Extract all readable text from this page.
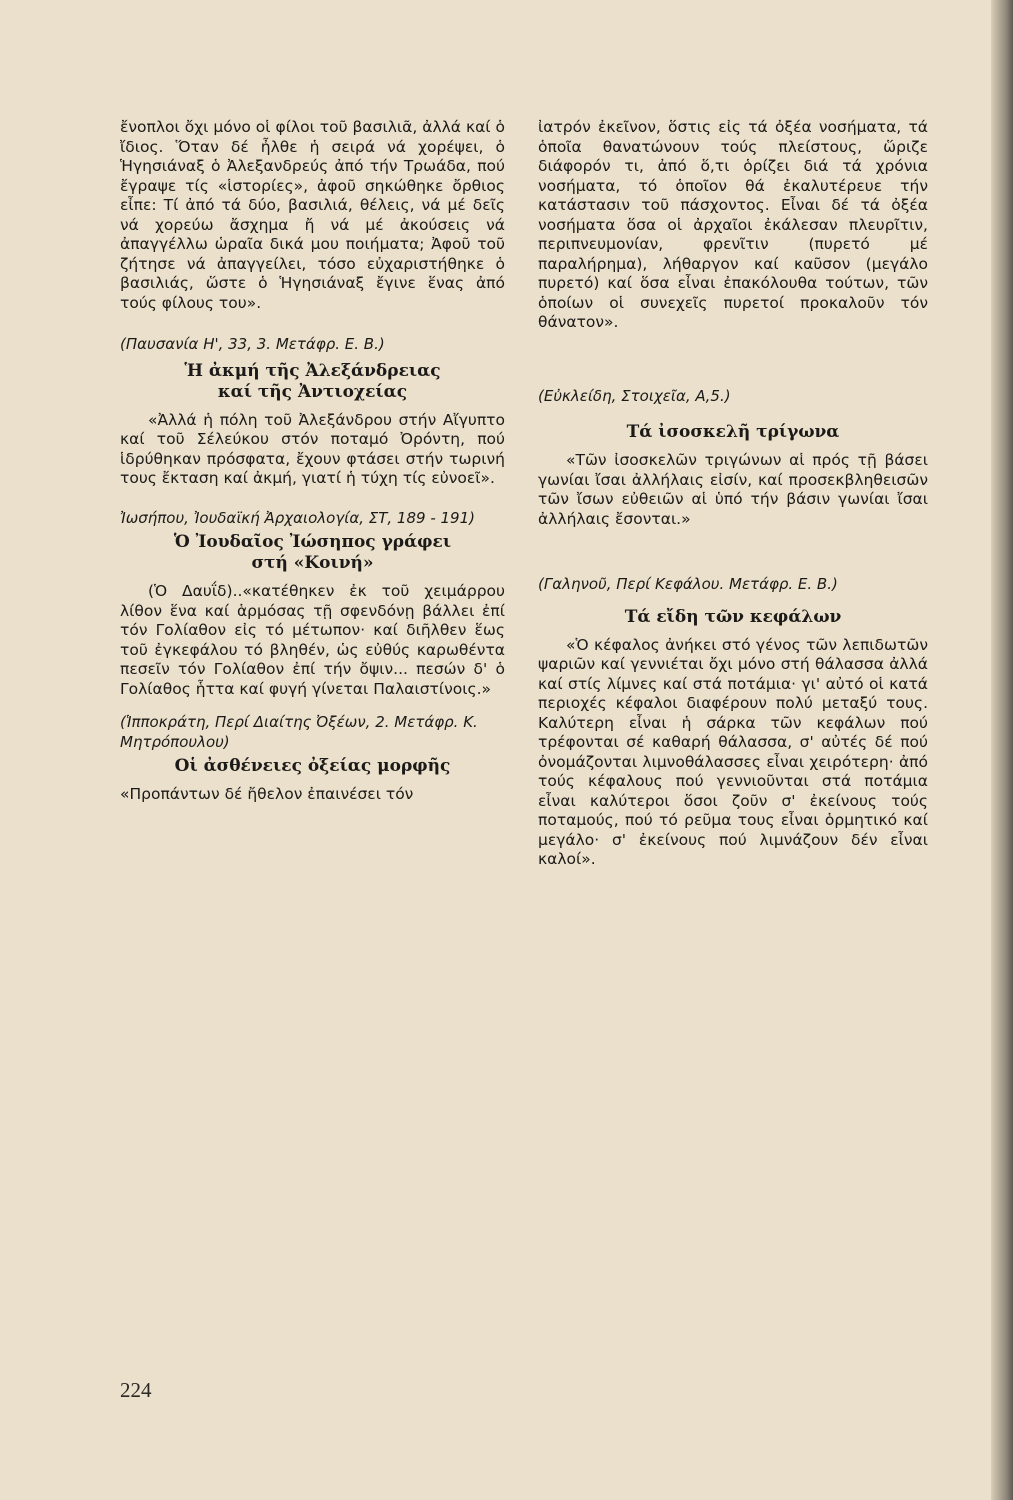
ἔνοπλοι ὄχι μόνο οἱ φίλοι τοῦ βασιλιᾶ, ἀλλά καί ὁ ἴδιος. Ὅταν δέ ἦλθε ἡ σειρά νά χορέψει, ὁ Ἡγησιάναξ ὁ Ἀλεξανδρεύς ἀπό τήν Τρωάδα, πού ἔγραψε τίς «ἱστορίες», ἀφοῦ σηκώθηκε ὄρθιος εἶπε: Τί ἀπό τά δύο, βασιλιά, θέλεις, νά μέ δεῖς νά χορεύω ἄσχημα ἤ νά μέ ἀκούσεις νά ἀπαγγέλλω ὡραῖα δικά μου ποιήματα; Ἀφοῦ τοῦ ζήτησε νά ἀπαγγείλει, τόσο εὐχαριστήθηκε ὁ βασιλιάς, ὥστε ὁ Ἡγησιάναξ ἔγινε ἕνας ἀπό τούς φίλους του».

(Παυσανία Η', 33, 3. Μετάφρ. Ε. Β.)
Ἡ ἀκμή τῆς Ἀλεξάνδρειας
καί τῆς Ἀντιοχείας

«Ἀλλά ἡ πόλη τοῦ Ἀλεξάνδρου στήν Αἴγυπτο καί τοῦ Σέλεύκου στόν ποταμό Ὀρόντη, πού ἱδρύθηκαν πρόσφατα, ἔχουν φτάσει στήν τωρινή τους ἔκταση καί ἀκμή, γιατί ἡ τύχη τίς εὐνοεῖ».

Ἰωσήπου, Ἰουδαϊκή Ἀρχαιολογία, ΣΤ, 189 - 191)
Ὁ Ἰουδαῖος Ἰώσηπος γράφει
στή «Κοινή»

(Ὁ Δαυΐδ)..«κατέθηκεν ἐκ τοῦ χειμάρρου λίθον ἕνα καί ἁρμόσας τῇ σφενδόνῃ βάλλει ἐπί τόν Γολίαθον εἰς τό μέτωπον· καί διῆλθεν ἕως τοῦ ἐγκεφάλου τό βληθέν, ὡς εὐθύς καρωθέντα πεσεῖν τόν Γολίαθον ἐπί τήν ὄψιν... πεσών δ' ὁ Γολίαθος ἧττα καί φυγή γίνεται Παλαιστίνοις.»

(Ἱπποκράτη, Περί Διαίτης Ὀξέων, 2. Μετάφρ. Κ. Μητρόπουλου)
Οἱ ἀσθένειες ὀξείας μορφῆς

«Προπάντων δέ ἤθελον ἐπαινέσει τόν

ἰατρόν ἐκεῖνον, ὅστις εἰς τά ὀξέα νοσήματα, τά ὁποῖα θανατώνουν τούς πλείστους, ὥριζε διάφορόν τι, ἀπό ὅ,τι ὁρίζει διά τά χρόνια νοσήματα, τό ὁποῖον θά ἐκαλυτέρευε τήν κατάστασιν τοῦ πάσχοντος. Εἶναι δέ τά ὀξέα νοσήματα ὅσα οἱ ἀρχαῖοι ἐκάλεσαν πλευρῖτιν, περιπνευμονίαν, φρενῖτιν (πυρετό μέ παραλήρημα), λήθαργον καί καῦσον (μεγάλο πυρετό) καί ὅσα εἶναι ἐπακόλουθα τούτων, τῶν ὁποίων οἱ συνεχεῖς πυρετοί προκαλοῦν τόν θάνατον».

(Εὐκλείδη, Στοιχεῖα, Α,5.)
Τά ἰσοσκελῆ τρίγωνα

«Τῶν ἰσοσκελῶν τριγώνων αἱ πρός τῇ βάσει γωνίαι ἴσαι ἀλλήλαις εἰσίν, καί προσεκβληθεισῶν τῶν ἴσων εὐθειῶν αἱ ὑπό τήν βάσιν γωνίαι ἴσαι ἀλλήλαις ἔσονται.»

(Γαληνοῦ, Περί Κεφάλου. Μετάφρ. Ε. Β.)
Τά εἴδη τῶν κεφάλων

«Ὁ κέφαλος ἀνήκει στό γένος τῶν λεπιδωτῶν ψαριῶν καί γεννιέται ὄχι μόνο στή θάλασσα ἀλλά καί στίς λίμνες καί στά ποτάμια· γι' αὐτό οἱ κατά περιοχές κέφαλοι διαφέρουν πολύ μεταξύ τους. Καλύτερη εἶναι ἡ σάρκα τῶν κεφάλων πού τρέφονται σέ καθαρή θάλασσα, σ' αὐτές δέ πού ὀνομάζονται λιμνοθάλασσες εἶναι χειρότερη· ἀπό τούς κέφαλους πού γεννιοῦνται στά ποτάμια εἶναι καλύτεροι ὅσοι ζοῦν σ' ἐκείνους τούς ποταμούς, πού τό ρεῦμα τους εἶναι ὁρμητικό καί μεγάλο· σ' ἐκείνους πού λιμνάζουν δέν εἶναι καλοί».

224
